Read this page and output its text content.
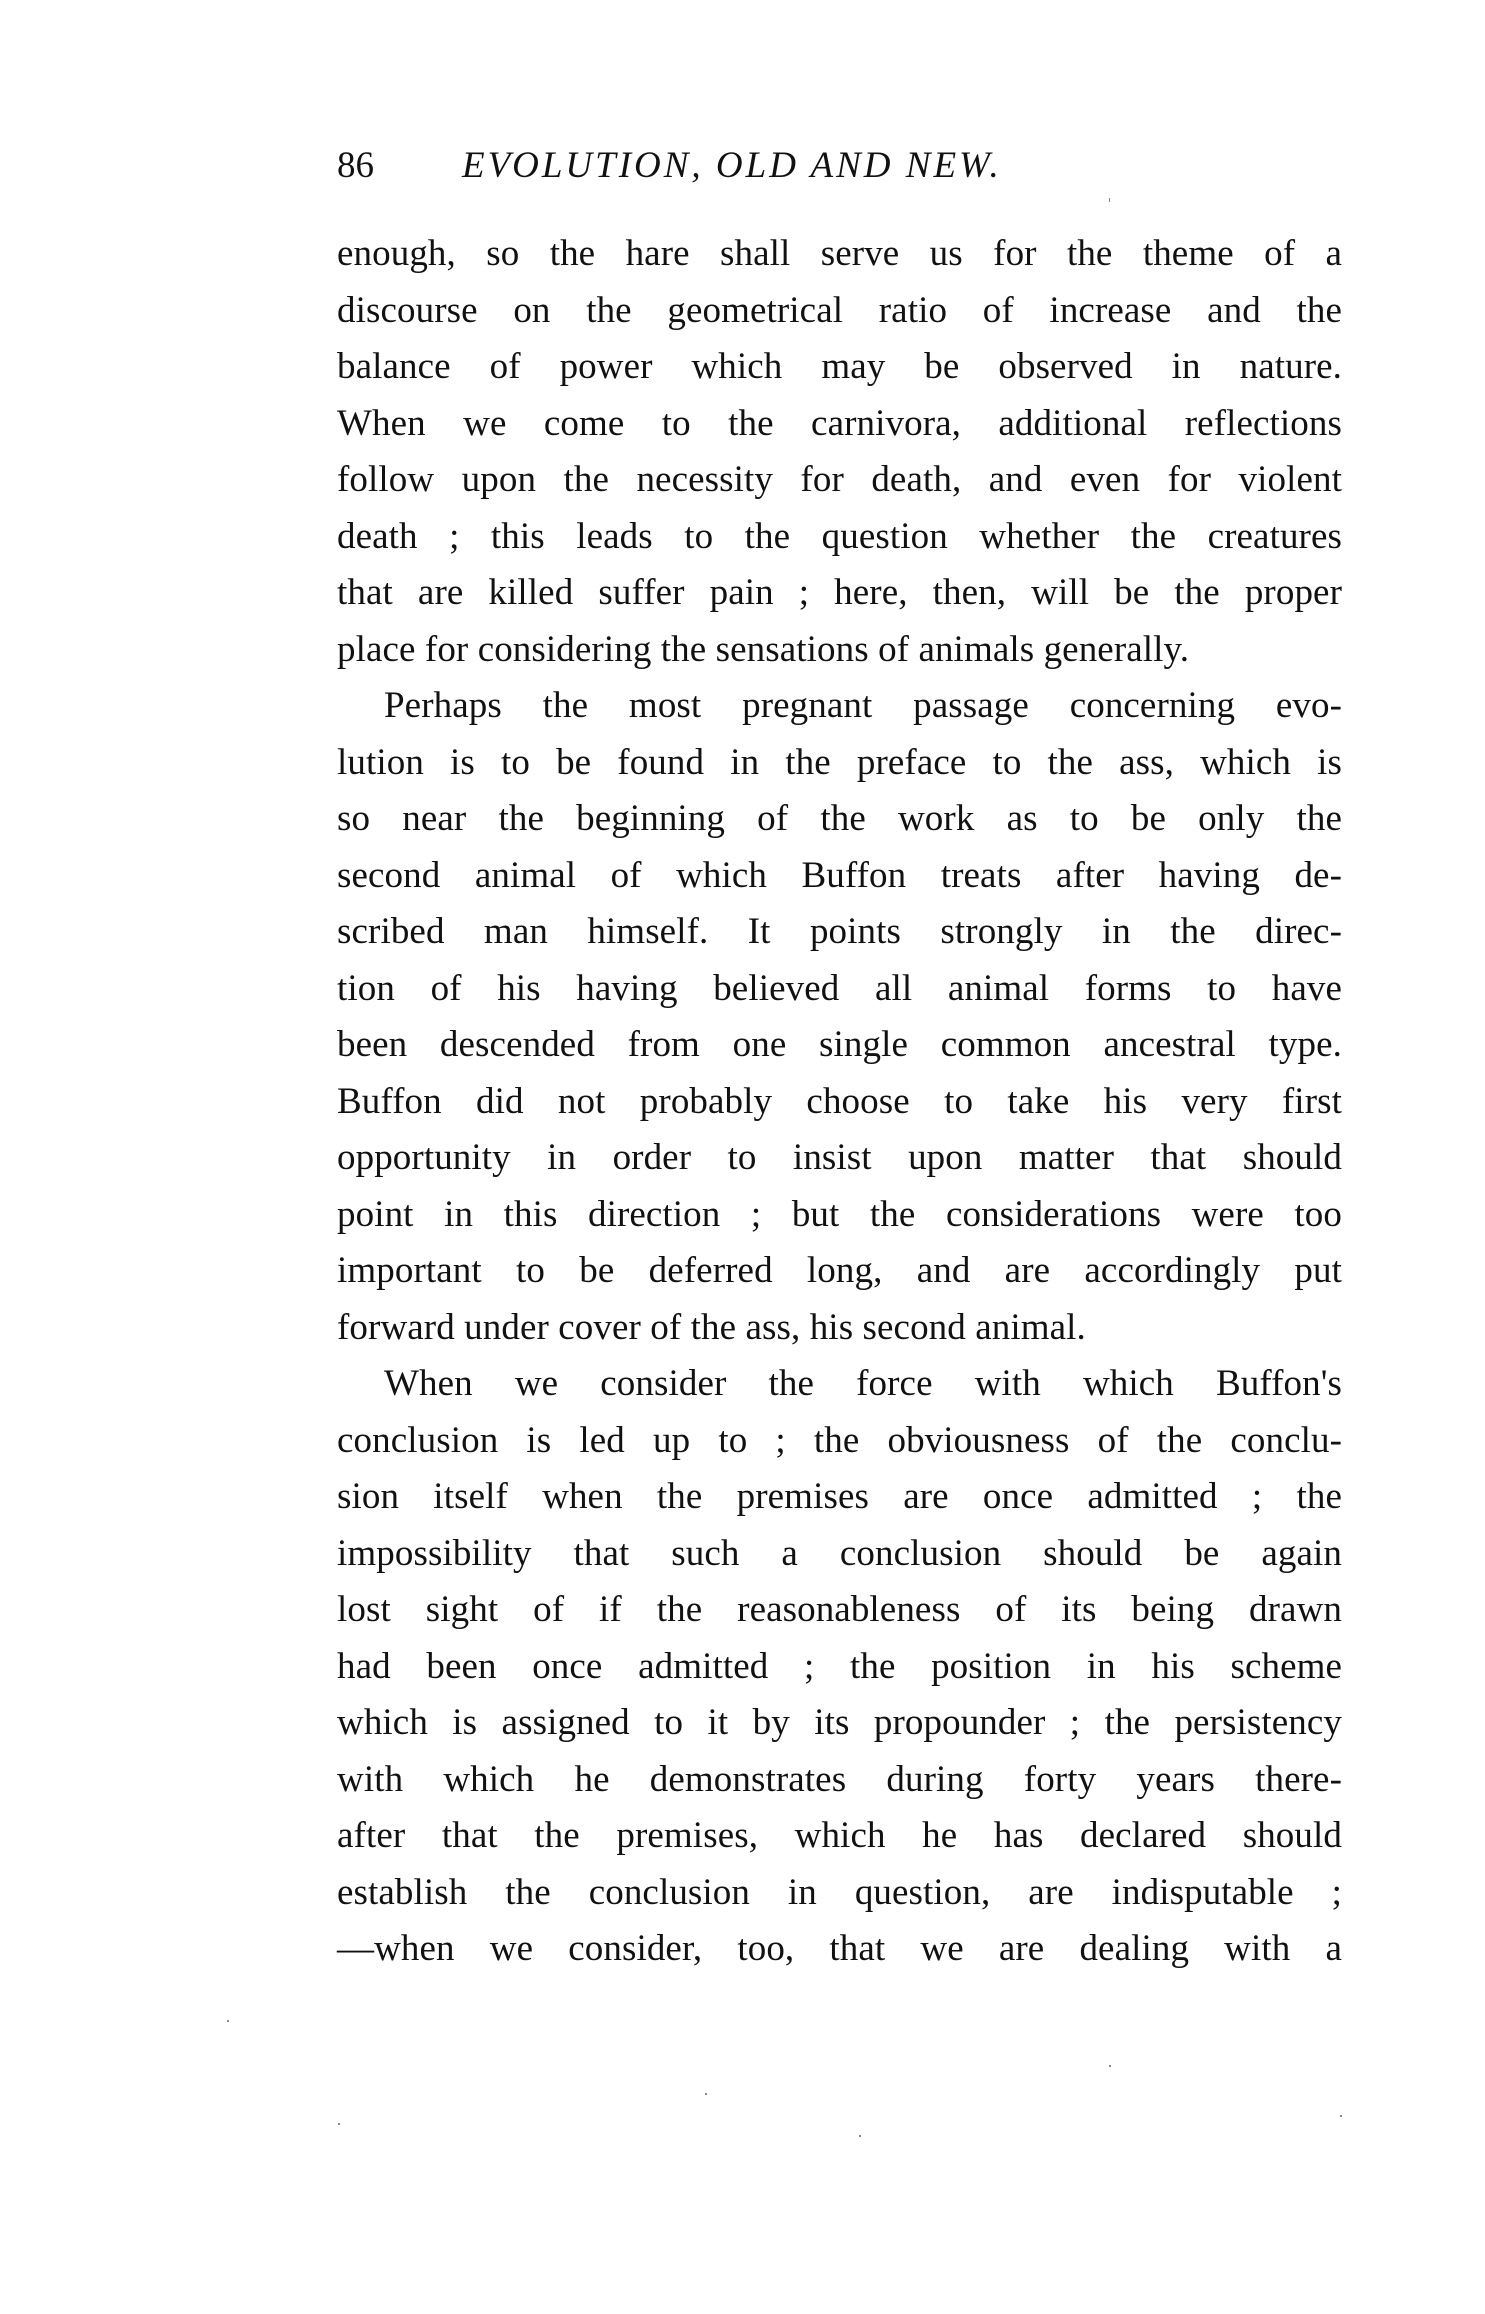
86 EVOLUTION, OLD AND NEW.
enough, so the hare shall serve us for the theme of a
discourse on the geometrical ratio of increase and the
balance of power which may be observed in nature.
When we come to the carnivora, additional reflections
follow upon the necessity for death, and even for violent
death ; this leads to the question whether the creatures
that are killed suffer pain ; here, then, will be the proper
place for considering the sensations of animals generally.
Perhaps the most pregnant passage concerning evo-
lution is to be found in the preface to the ass, which is
so near the beginning of the work as to be only the
second animal of which Buffon treats after having de-
scribed man himself. It points strongly in the direc-
tion of his having believed all animal forms to have
been descended from one single common ancestral type.
Buffon did not probably choose to take his very first
opportunity in order to insist upon matter that should
point in this direction ; but the considerations were too
important to be deferred long, and are accordingly put
forward under cover of the ass, his second animal.
When we consider the force with which Buffon's
conclusion is led up to ; the obviousness of the conclu-
sion itself when the premises are once admitted ; the
impossibility that such a conclusion should be again
lost sight of if the reasonableness of its being drawn
had been once admitted ; the position in his scheme
which is assigned to it by its propounder ; the persistency
with which he demonstrates during forty years there-
after that the premises, which he has declared should
establish the conclusion in question, are indisputable ;
—when we consider, too, that we are dealing with a
